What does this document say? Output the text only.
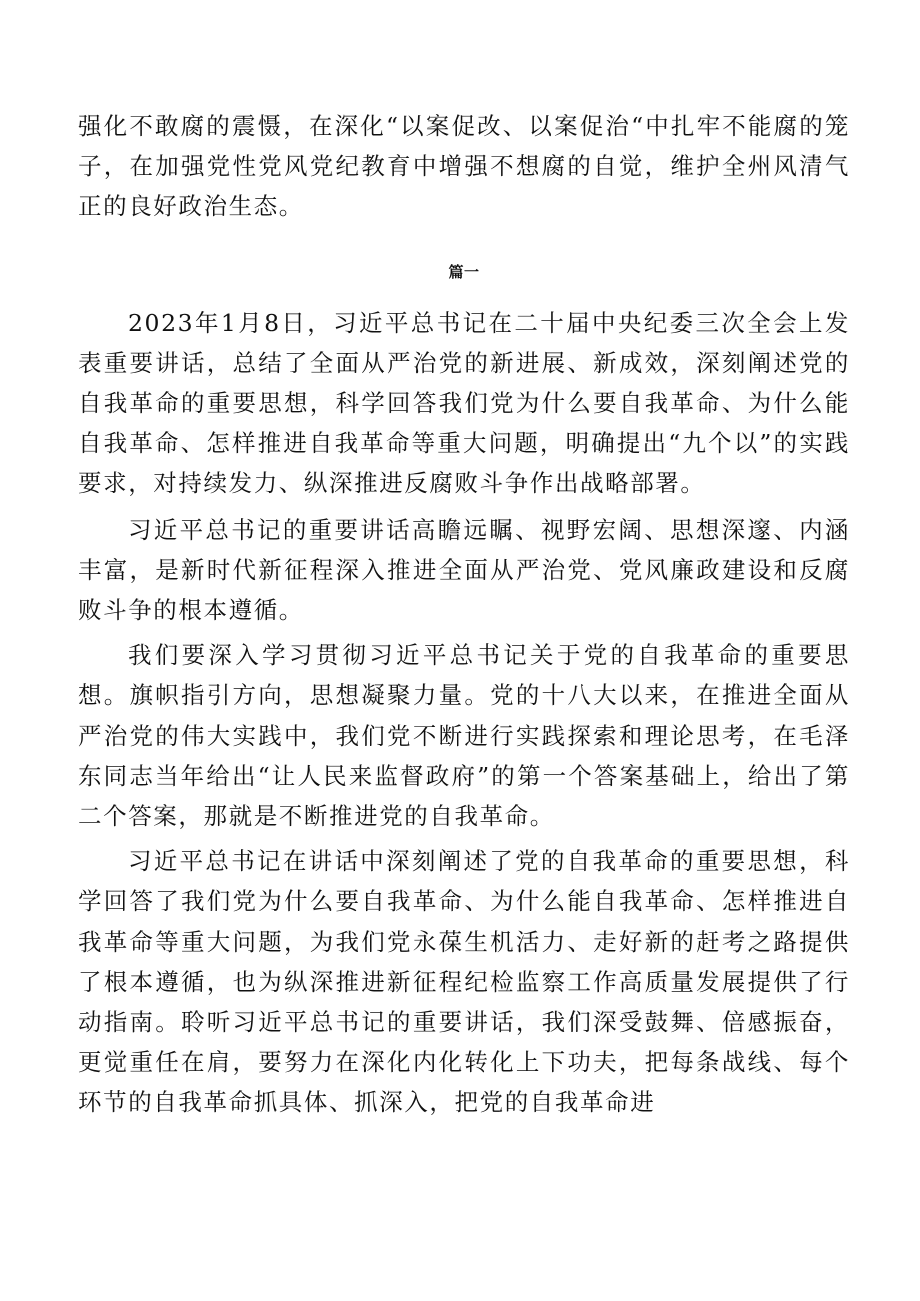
强化不敢腐的震慑，在深化“以案促改、以案促治“中扎牢不能腐的笼子，在加强党性党风党纪教育中增强不想腐的自觉，维护全州风清气正的良好政治生态。

篇一

2023年1月8日，习近平总书记在二十届中央纪委三次全会上发表重要讲话，总结了全面从严治党的新进展、新成效，深刻阐述党的自我革命的重要思想，科学回答我们党为什么要自我革命、为什么能自我革命、怎样推进自我革命等重大问题，明确提出“九个以”的实践要求，对持续发力、纵深推进反腐败斗争作出战略部署。

习近平总书记的重要讲话高瞻远瞩、视野宏阔、思想深邃、内涵丰富，是新时代新征程深入推进全面从严治党、党风廉政建设和反腐败斗争的根本遵循。

我们要深入学习贯彻习近平总书记关于党的自我革命的重要思想。旗帜指引方向，思想凝聚力量。党的十八大以来，在推进全面从严治党的伟大实践中，我们党不断进行实践探索和理论思考，在毛泽东同志当年给出“让人民来监督政府”的第一个答案基础上，给出了第二个答案，那就是不断推进党的自我革命。

习近平总书记在讲话中深刻阐述了党的自我革命的重要思想，科学回答了我们党为什么要自我革命、为什么能自我革命、怎样推进自我革命等重大问题，为我们党永葆生机活力、走好新的赶考之路提供了根本遵循，也为纵深推进新征程纪检监察工作高质量发展提供了行动指南。聆听习近平总书记的重要讲话，我们深受鼓舞、倍感振奋，更觉重任在肩，要努力在深化内化转化上下功夫，把每条战线、每个环节的自我革命抓具体、抓深入，把党的自我革命进
